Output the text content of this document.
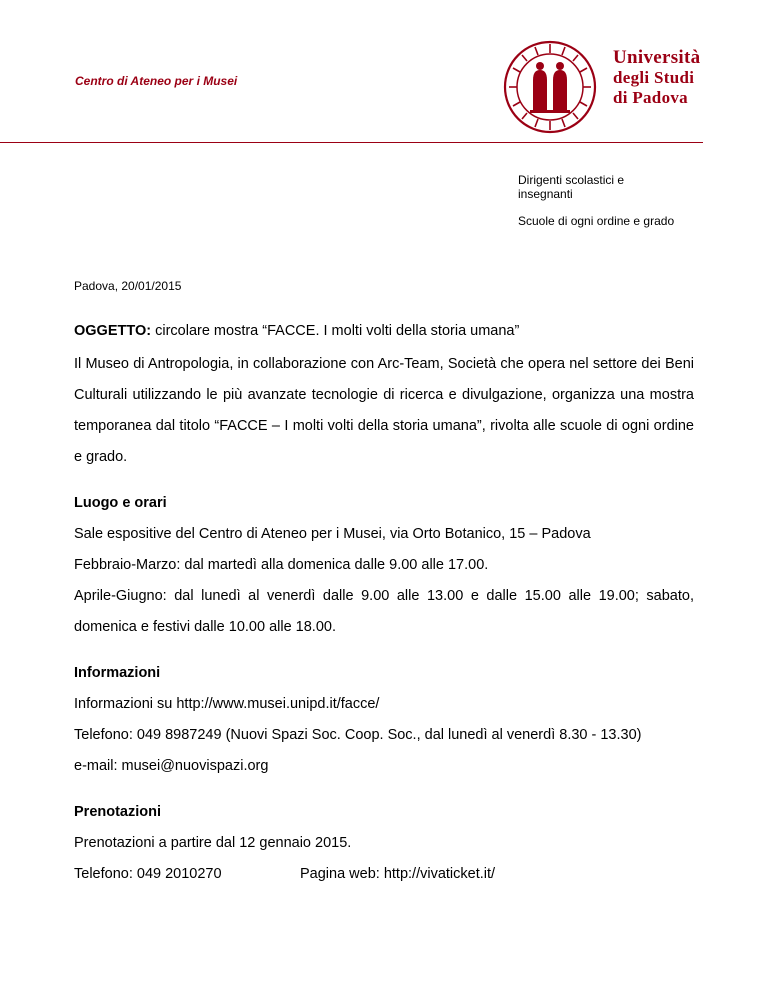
Centro di Ateneo per i Musei
Università
degli Studi
di Padova
Dirigenti scolastici e
insegnanti
Scuole di ogni ordine e grado
Padova, 20/01/2015

OGGETTO: circolare mostra “FACCE. I molti volti della storia umana”

Il Museo di Antropologia, in collaborazione con Arc-Team, Società che opera nel settore dei Beni Culturali utilizzando le più avanzate tecnologie di ricerca e divulgazione, organizza una mostra temporanea dal titolo “FACCE – I molti volti della storia umana”, rivolta alle scuole di ogni ordine e grado.

Luogo e orari

Sale espositive del Centro di Ateneo per i Musei, via Orto Botanico, 15 – Padova

Febbraio-Marzo: dal martedì alla domenica dalle 9.00 alle 17.00.

Aprile-Giugno: dal lunedì al venerdì dalle 9.00 alle 13.00 e dalle 15.00 alle 19.00; sabato, domenica e festivi dalle 10.00 alle 18.00.

Informazioni

Informazioni su http://www.musei.unipd.it/facce/

Telefono: 049 8987249 (Nuovi Spazi Soc. Coop. Soc., dal lunedì al venerdì 8.30 - 13.30)

e-mail: musei@nuovispazi.org

Prenotazioni

Prenotazioni a partire dal 12 gennaio 2015.

Telefono: 049 2010270	Pagina web: http://vivaticket.it/
